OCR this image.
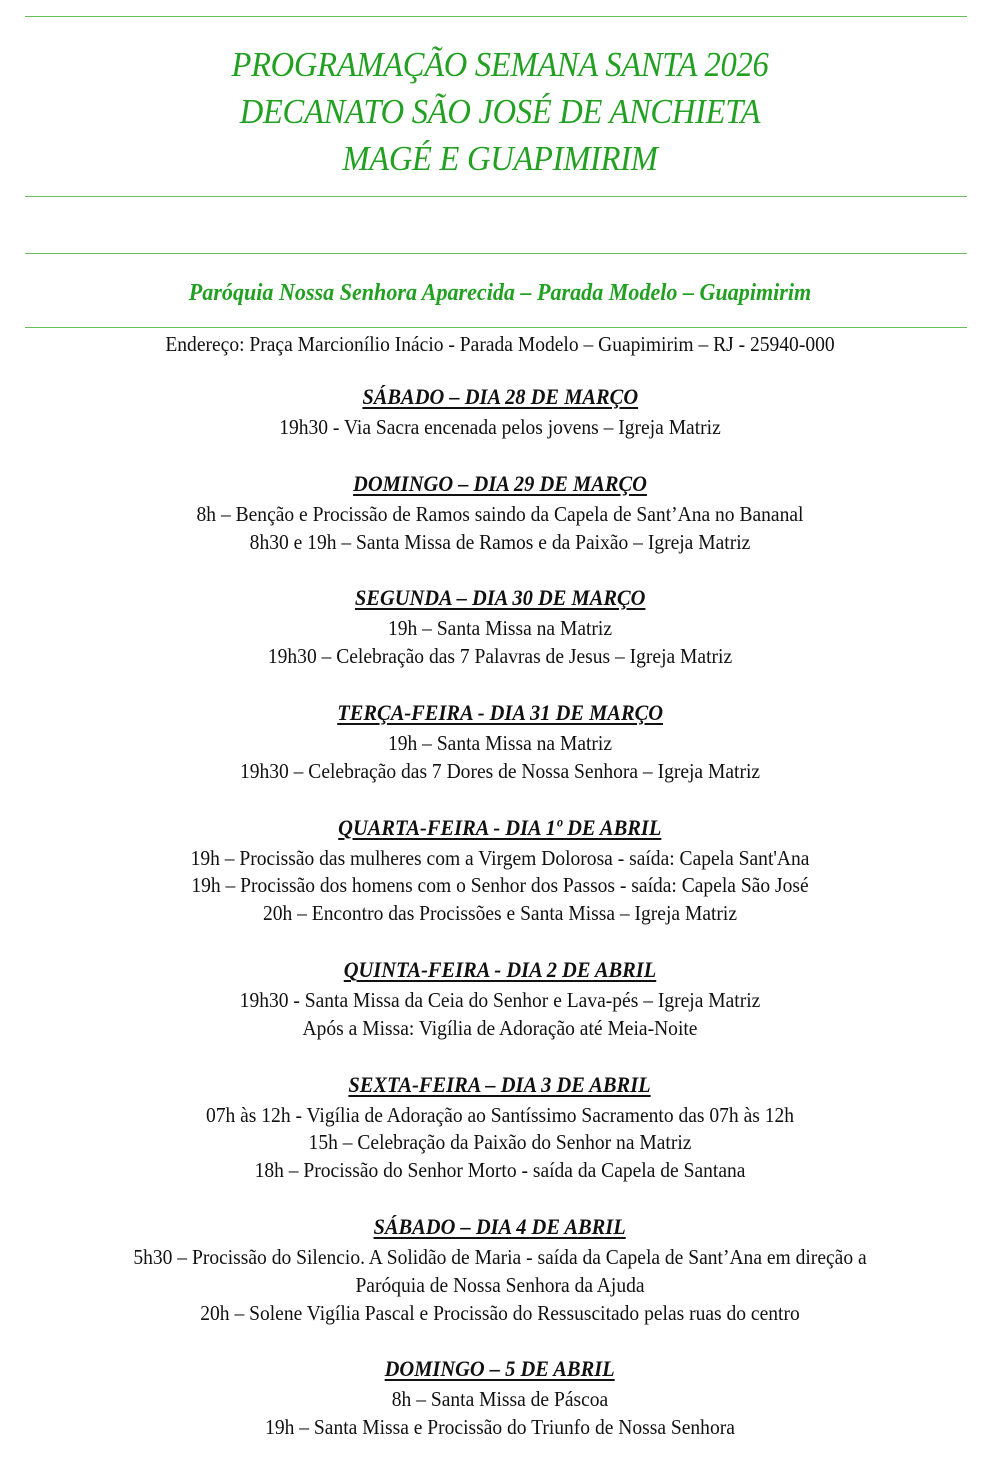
PROGRAMAÇÃO SEMANA SANTA 2026
DECANATO SÃO JOSÉ DE ANCHIETA
MAGÉ E GUAPIMIRIM
Paróquia Nossa Senhora Aparecida – Parada Modelo – Guapimirim
Endereço: Praça Marcionílio Inácio - Parada Modelo – Guapimirim – RJ - 25940-000
SÁBADO – DIA 28 DE MARÇO
19h30 - Via Sacra encenada pelos jovens – Igreja Matriz
DOMINGO – DIA 29 DE MARÇO
8h – Benção e Procissão de Ramos saindo da Capela de Sant’Ana no Bananal
8h30 e 19h – Santa Missa de Ramos e da Paixão – Igreja Matriz
SEGUNDA – DIA 30 DE MARÇO
19h – Santa Missa na Matriz
19h30 – Celebração das 7 Palavras de Jesus – Igreja Matriz
TERÇA-FEIRA - DIA 31 DE MARÇO
19h – Santa Missa na Matriz
19h30 – Celebração das 7 Dores de Nossa Senhora – Igreja Matriz
QUARTA-FEIRA - DIA 1º DE ABRIL
19h – Procissão das mulheres com a Virgem Dolorosa - saída: Capela Sant'Ana
19h – Procissão dos homens com o Senhor dos Passos - saída: Capela São José
20h – Encontro das Procissões e Santa Missa – Igreja Matriz
QUINTA-FEIRA - DIA 2 DE ABRIL
19h30 - Santa Missa da Ceia do Senhor e Lava-pés – Igreja Matriz
Após a Missa: Vigília de Adoração até Meia-Noite
SEXTA-FEIRA – DIA 3 DE ABRIL
07h às 12h - Vigília de Adoração ao Santíssimo Sacramento das 07h às 12h
15h – Celebração da Paixão do Senhor na Matriz
18h – Procissão do Senhor Morto - saída da Capela de Santana
SÁBADO – DIA 4 DE ABRIL
5h30 – Procissão do Silencio. A Solidão de Maria - saída da Capela de Sant’Ana em direção a
Paróquia de Nossa Senhora da Ajuda
20h – Solene Vigília Pascal e Procissão do Ressuscitado pelas ruas do centro
DOMINGO – 5 DE ABRIL
8h – Santa Missa de Páscoa
19h – Santa Missa e Procissão do Triunfo de Nossa Senhora
